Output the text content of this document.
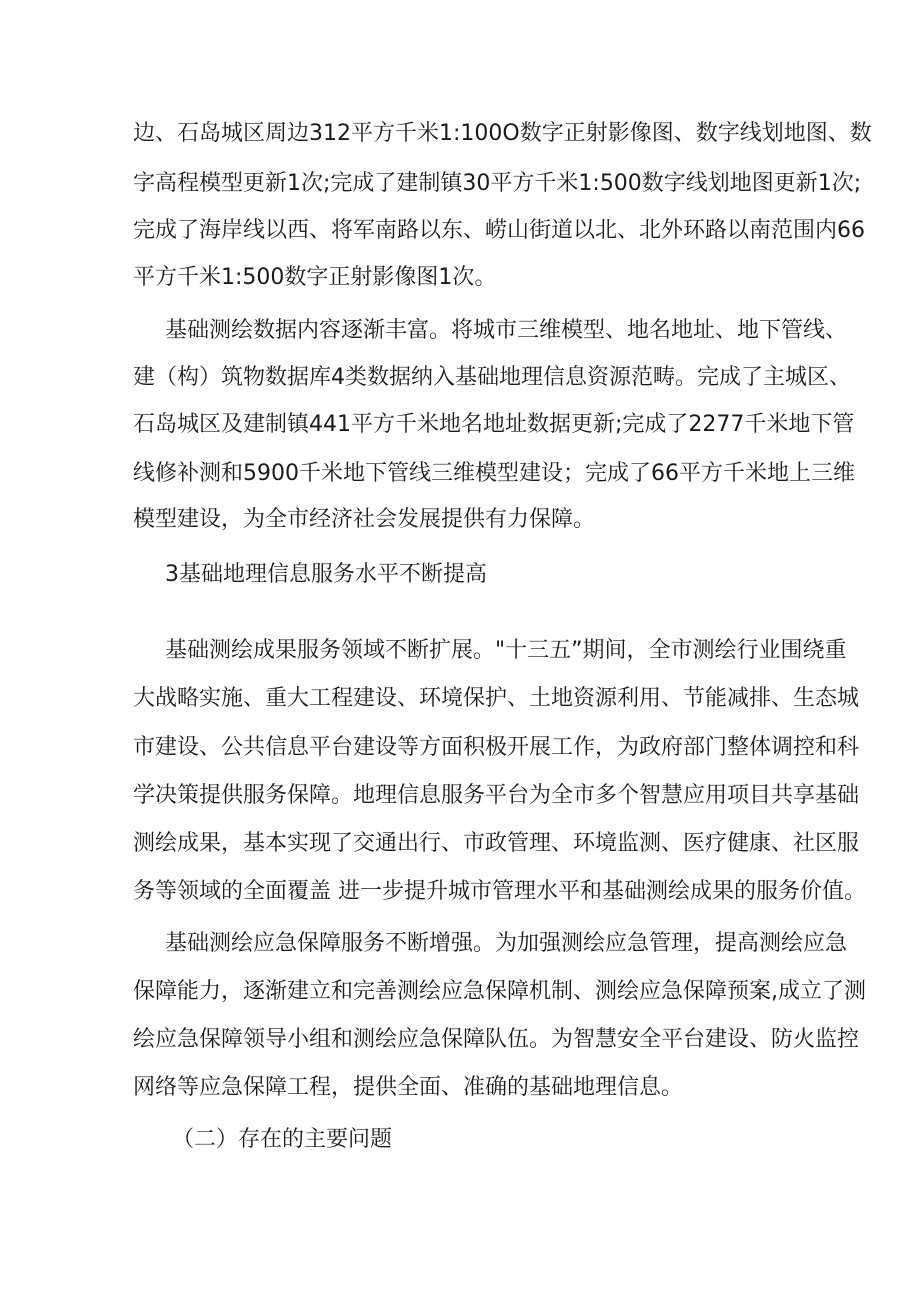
边、石岛城区周边312平方千米1:100O数字正射影像图、数字线划地图、数
字高程模型更新1次;完成了建制镇30平方千米1:500数字线划地图更新1次;
完成了海岸线以西、将军南路以东、崂山街道以北、北外环路以南范围内66
平方千米1:500数字正射影像图1次。
基础测绘数据内容逐渐丰富。将城市三维模型、地名地址、地下管线、
建（构）筑物数据库4类数据纳入基础地理信息资源范畴。完成了主城区、
石岛城区及建制镇441平方千米地名地址数据更新;完成了2277千米地下管
线修补测和5900千米地下管线三维模型建设；完成了66平方千米地上三维
模型建设，为全市经济社会发展提供有力保障。
3基础地理信息服务水平不断提高
基础测绘成果服务领域不断扩展。"十三五”期间，全市测绘行业围绕重
大战略实施、重大工程建设、环境保护、土地资源利用、节能减排、生态城
市建设、公共信息平台建设等方面积极开展工作，为政府部门整体调控和科
学决策提供服务保障。地理信息服务平台为全市多个智慧应用项目共享基础
测绘成果，基本实现了交通出行、市政管理、环境监测、医疗健康、社区服
务等领域的全面覆盖 进一步提升城市管理水平和基础测绘成果的服务价值。
基础测绘应急保障服务不断增强。为加强测绘应急管理，提高测绘应急
保障能力，逐渐建立和完善测绘应急保障机制、测绘应急保障预案,成立了测
绘应急保障领导小组和测绘应急保障队伍。为智慧安全平台建设、防火监控
网络等应急保障工程，提供全面、准确的基础地理信息。
（二）存在的主要问题
